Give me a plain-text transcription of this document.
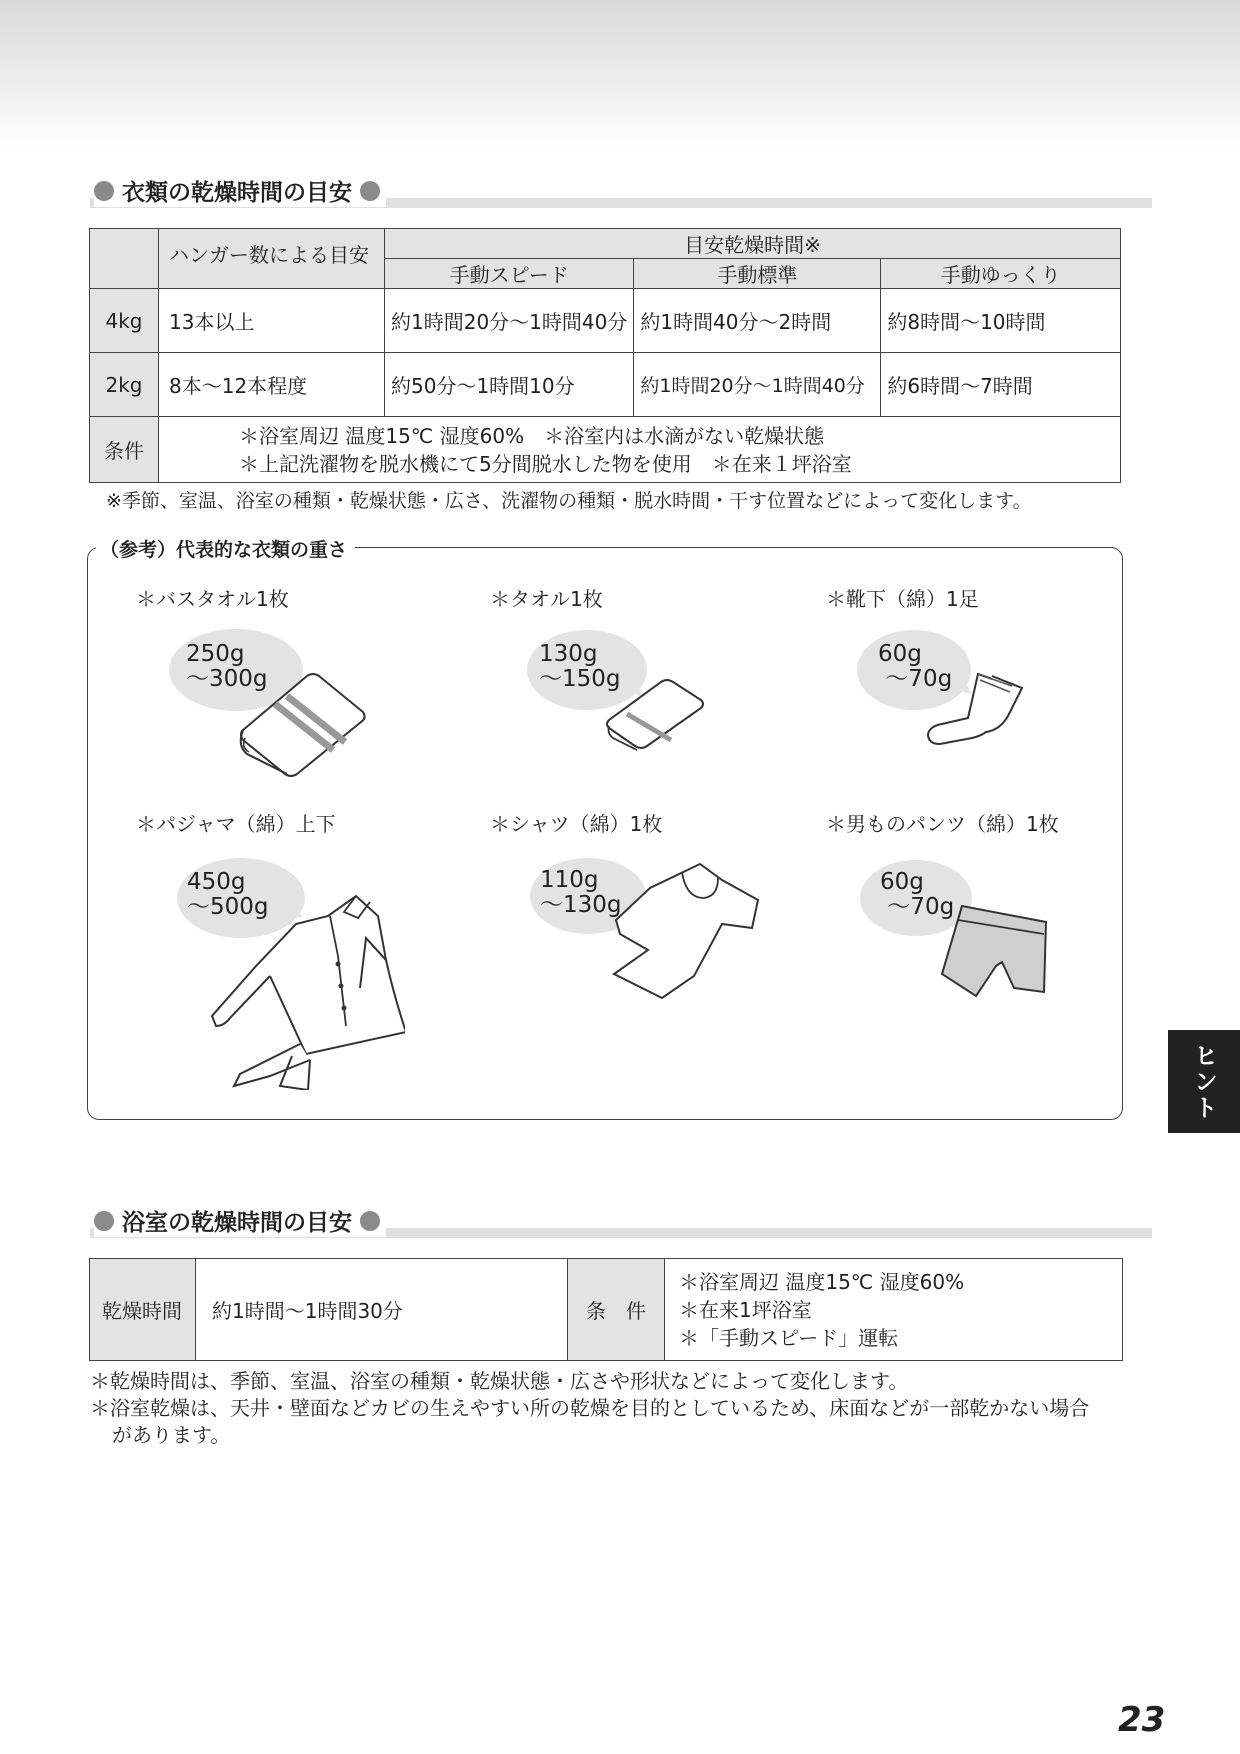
衣類の乾燥時間の目安
	ハンガー数による目安	目安乾燥時間※		
		手動スピード	手動標準	手動ゆっくり
4kg	13本以上	約1時間20分～1時間40分	約1時間40分～2時間	約8時間～10時間
2kg	8本～12本程度	約50分～1時間10分	約1時間20分～1時間40分	約6時間～7時間
条件	＊浴室周辺 温度15℃ 湿度60%　＊浴室内は水滴がない乾燥状態
＊上記洗濯物を脱水機にて5分間脱水した物を使用　＊在来１坪浴室			
※季節、室温、浴室の種類・乾燥状態・広さ、洗濯物の種類・脱水時間・干す位置などによって変化します。
（参考）代表的な衣類の重さ
＊バスタオル1枚	＊タオル1枚	＊靴下（綿）1足
250g
～300g
130g
～150g
60g
～70g
＊パジャマ（綿）上下	＊シャツ（綿）1枚	＊男ものパンツ（綿）1枚
450g
～500g
110g
～130g
60g
～70g
ヒント
浴室の乾燥時間の目安
乾燥時間	約1時間～1時間30分	条　件	
＊浴室周辺 温度15℃ 湿度60%
＊在来1坪浴室
＊「手動スピード」運転
＊乾燥時間は、季節、室温、浴室の種類・乾燥状態・広さや形状などによって変化します。
＊浴室乾燥は、天井・壁面などカビの生えやすい所の乾燥を目的としているため、床面などが一部乾かない場合
があります。
23
